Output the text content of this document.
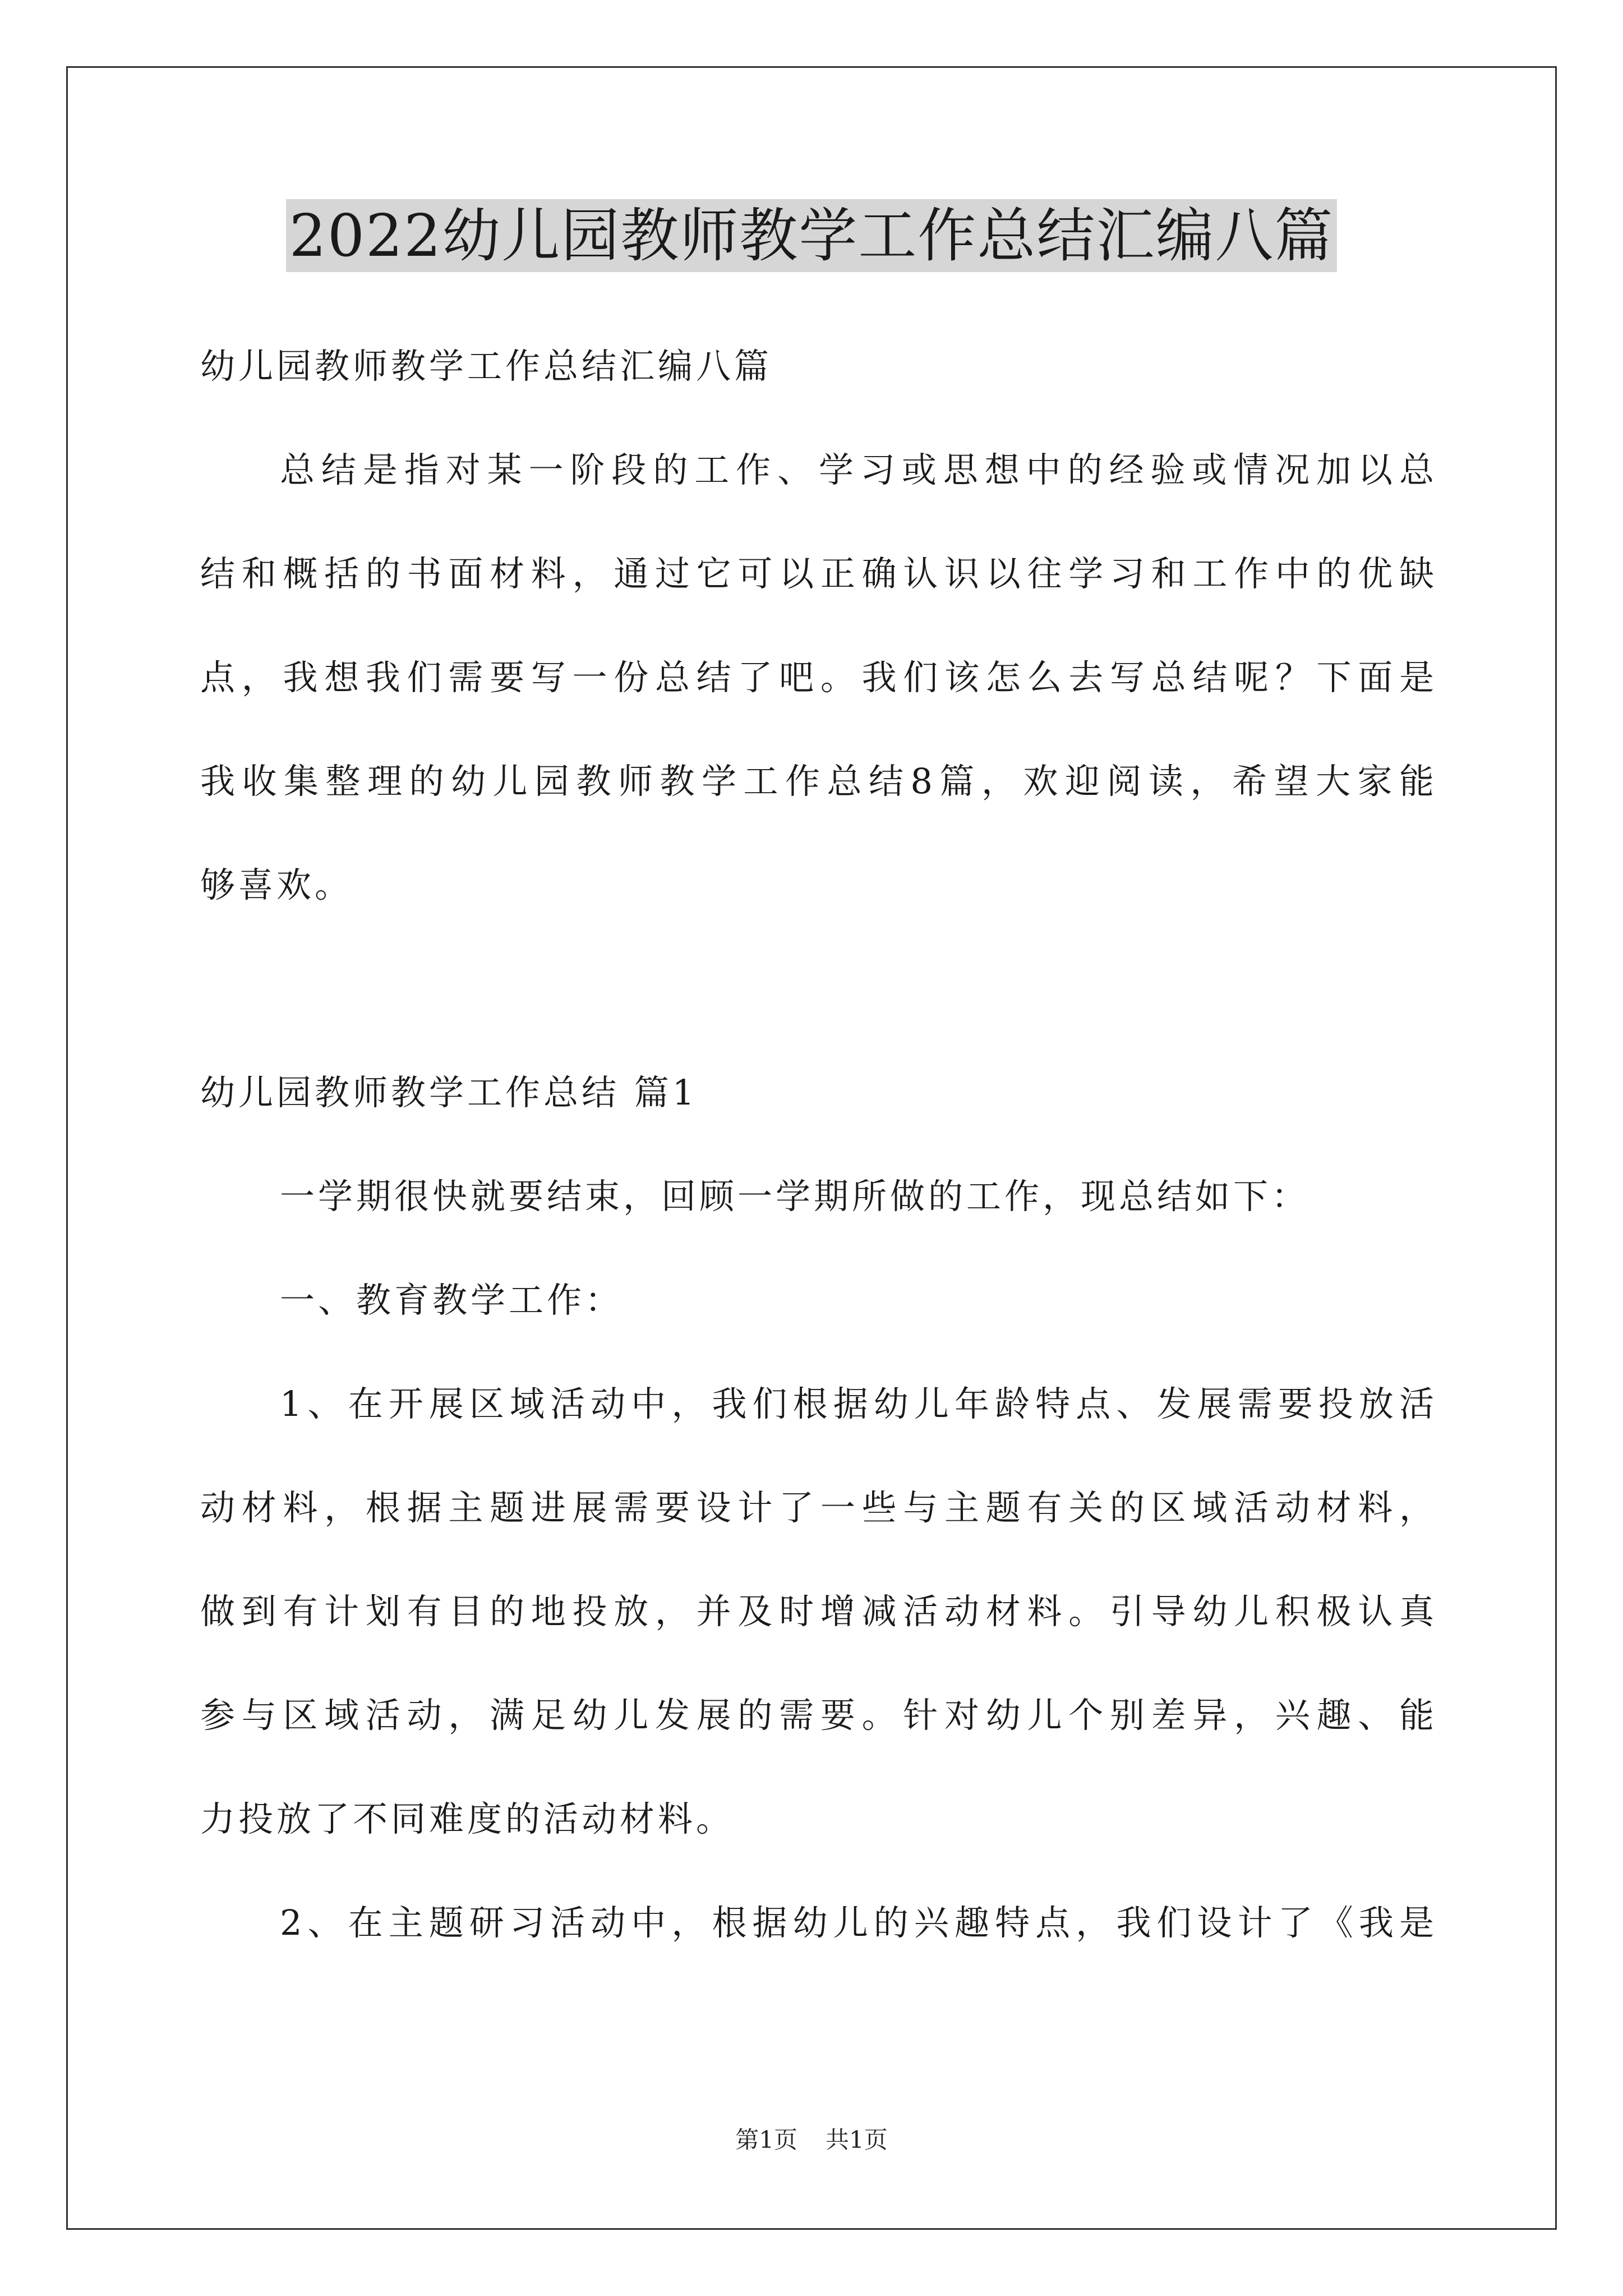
2022幼儿园教师教学工作总结汇编八篇
幼儿园教师教学工作总结汇编八篇
总结是指对某一阶段的工作、学习或思想中的经验或情况加以总
结和概括的书面材料，通过它可以正确认识以往学习和工作中的优缺
点，我想我们需要写一份总结了吧。我们该怎么去写总结呢？下面是
我收集整理的幼儿园教师教学工作总结8篇，欢迎阅读，希望大家能
够喜欢。
幼儿园教师教学工作总结 篇1
一学期很快就要结束，回顾一学期所做的工作，现总结如下：
一、教育教学工作：
1、在开展区域活动中，我们根据幼儿年龄特点、发展需要投放活
动材料，根据主题进展需要设计了一些与主题有关的区域活动材料，
做到有计划有目的地投放，并及时增减活动材料。引导幼儿积极认真
参与区域活动，满足幼儿发展的需要。针对幼儿个别差异，兴趣、能
力投放了不同难度的活动材料。
2、在主题研习活动中，根据幼儿的兴趣特点，我们设计了《我是
第1页 共1页
